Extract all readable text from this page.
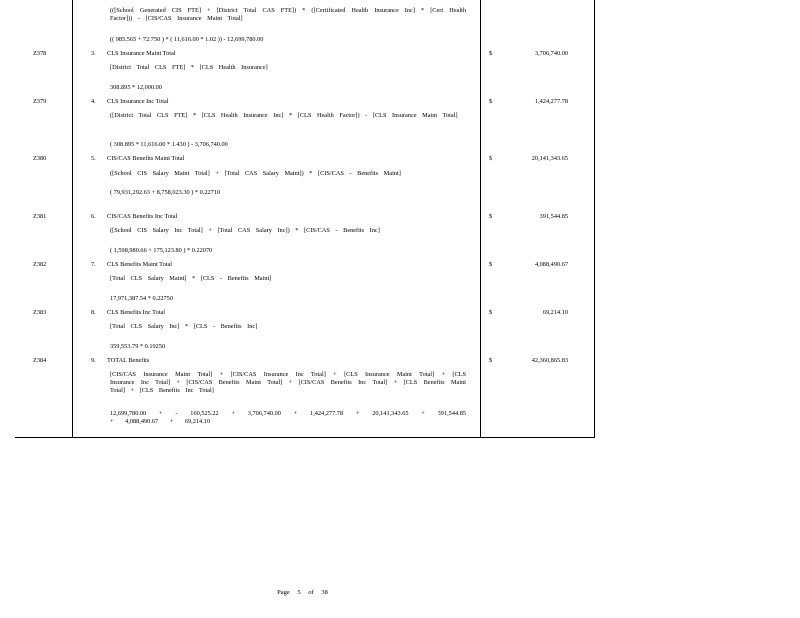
(([School Generated CIS FTE] + [District Total CAS FTE]) * ([Certificated Health Insurance Inc] * [Cert Health Factor])) - [CIS/CAS Insurance Maint Total]
(( 985.565 + 72.750 ) * ( 11,616.00 * 1.02 )) - 12,699,780.00
Z378	3. CLS Insurance Maint Total	$	3,706,740.00
[District Total CLS FTE] * [CLS Health Insurance]
308.895 * 12,000.00
Z379	4. CLS Insurance Inc Total	$	1,424,277.78
([District Total CLS FTE] * [CLS Health Insurance Inc] * [CLS Health Factor]) - [CLS Insurance Maint Total]
( 308.895 * 11,616.00 * 1.430 ) - 3,706,740.00
Z380	5. CIS/CAS Benefits Maint Total	$	20,141,343.65
([School CIS Salary Maint Total] + [Total CAS Salary Maint]) * [CIS/CAS - Benefits Maint]
( 79,931,292.63 + 8,758,023.30 ) * 0.22710
Z381	6. CIS/CAS Benefits Inc Total	$	391,544.85
([School CIS Salary Inc Total] + [Total CAS Salary Inc]) * [CIS/CAS - Benefits Inc]
( 1,598,980.66 + 175,123.80 ) * 0.22070
Z382	7. CLS Benefits Maint Total	$	4,088,490.67
[Total CLS Salary Maint] * [CLS - Benefits Maint]
17,971,387.54 * 0.22750
Z383	8. CLS Benefits Inc Total	$	69,214.10
[Total CLS Salary Inc] * [CLS - Benefits Inc]
359,553.79 * 0.19250
Z384	9. TOTAL Benefits	$	42,360,865.83
[CIS/CAS Insurance Maint Total] + [CIS/CAS Insurance Inc Total] + [CLS Insurance Maint Total] + [CLS Insurance Inc Total] + [CIS/CAS Benefits Maint Total] + [CIS/CAS Benefits Inc Total] + [CLS Benefits Maint Total] + [CLS Benefits Inc Total]
12,699,780.00 + - 160,525.22 + 3,706,740.00 + 1,424,277.78 + 20,141,343.65 + 391,544.85 + 4,088,490.67 + 69,214.10
Page 5 of 38
